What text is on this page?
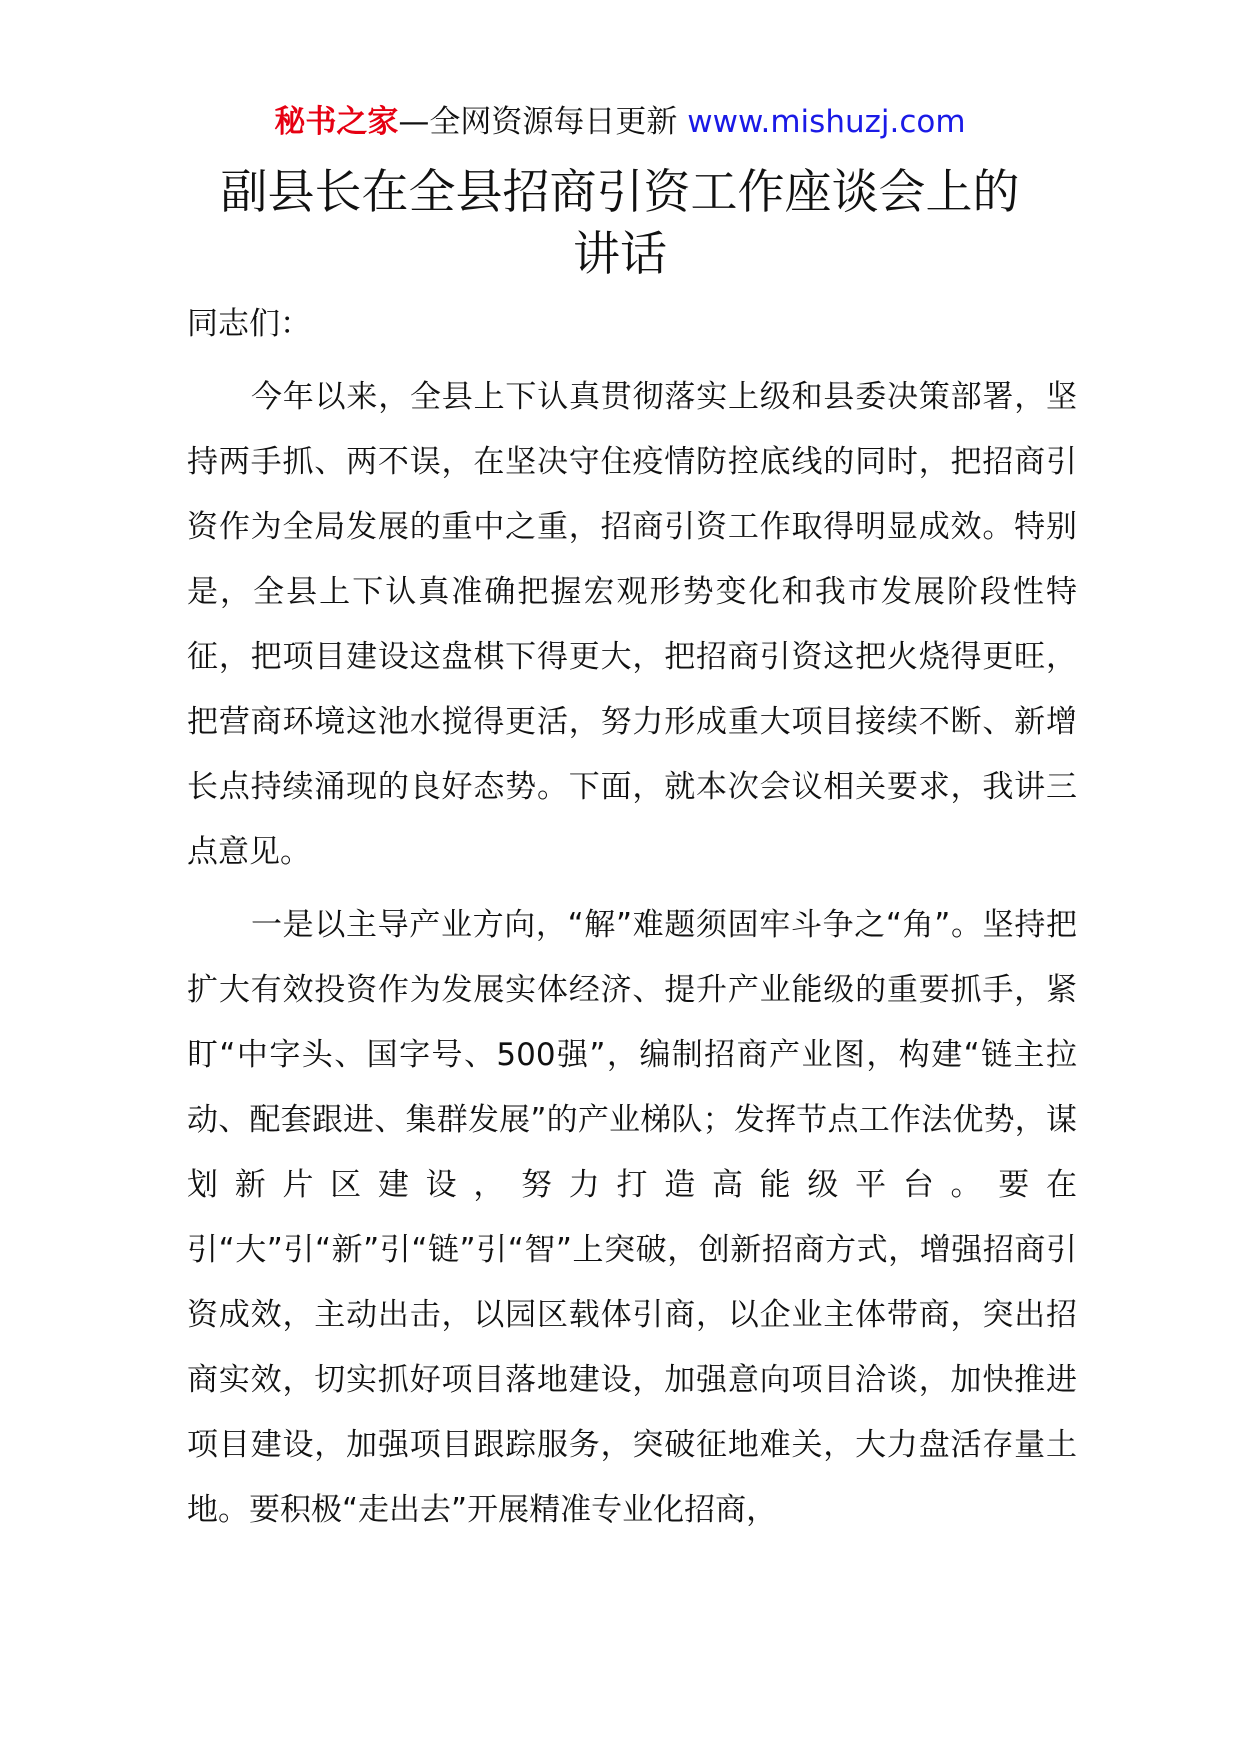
秘书之家—全网资源每日更新 www.mishuzj.com
副县长在全县招商引资工作座谈会上的
讲话

同志们：

今年以来，全县上下认真贯彻落实上级和县委决策部署，坚持两手抓、两不误，在坚决守住疫情防控底线的同时，把招商引资作为全局发展的重中之重，招商引资工作取得明显成效。特别是，全县上下认真准确把握宏观形势变化和我市发展阶段性特征，把项目建设这盘棋下得更大，把招商引资这把火烧得更旺，把营商环境这池水搅得更活，努力形成重大项目接续不断、新增长点持续涌现的良好态势。下面，就本次会议相关要求，我讲三点意见。

一是以主导产业方向，“解”难题须固牢斗争之“角”。坚持把扩大有效投资作为发展实体经济、提升产业能级的重要抓手，紧盯“中字头、国字号、500强”，编制招商产业图，构建“链主拉动、配套跟进、集群发展”的产业梯队；发挥节点工作法优势，谋划新片区建设，努力打造高能级平台。要在引“大”引“新”引“链”引“智”上突破，创新招商方式，增强招商引资成效，主动出击，以园区载体引商，以企业主体带商，突出招商实效，切实抓好项目落地建设，加强意向项目洽谈，加快推进项目建设，加强项目跟踪服务，突破征地难关，大力盘活存量土地。要积极“走出去”开展精准专业化招商，
